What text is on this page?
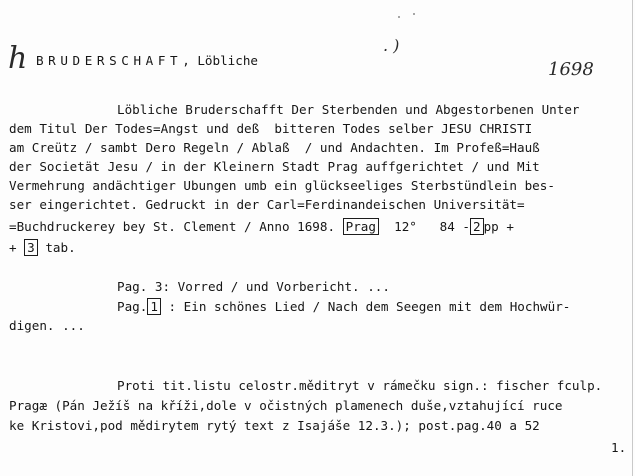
h	. )
1698
BRUDERSCHAFT, Löbliche
Löbliche Bruderschafft Der Sterbenden und Abgestorbenen Unter
dem Titul Der Todes=Angst und deß  bitteren Todes selber JESU CHRISTI
am Creütz / sambt Dero Regeln / Ablaß  / und Andachten. Im Profeß=Hauß
der Societät Jesu / in der Kleinern Stadt Prag auffgerichtet / und Mit
Vermehrung andächtiger Ubungen umb ein glückseeliges Sterbstündlein bes-
ser eingerichtet. Gedruckt in der Carl=Ferdinandeischen Universität=
=Buchdruckerey bey St. Clement / Anno 1698. Prag 12° 84 - 2 pp +
+ 3 tab.
Pag. 3: Vorred / und Vorbericht. ...
Pag. 1 : Ein schönes Lied / Nach dem Seegen mit dem Hochwür-
digen. ...
Proti tit.listu celostr.měditryt v rámečku sign.: fischer fculp.
Pragæ (Pán Ježíš na kříži,dole v očistných plamenech duše,vztahující ruce
ke Kristovi,pod mědirytem rytý text z Isajáše 12.3.); post.pag.40 a 52
1.
